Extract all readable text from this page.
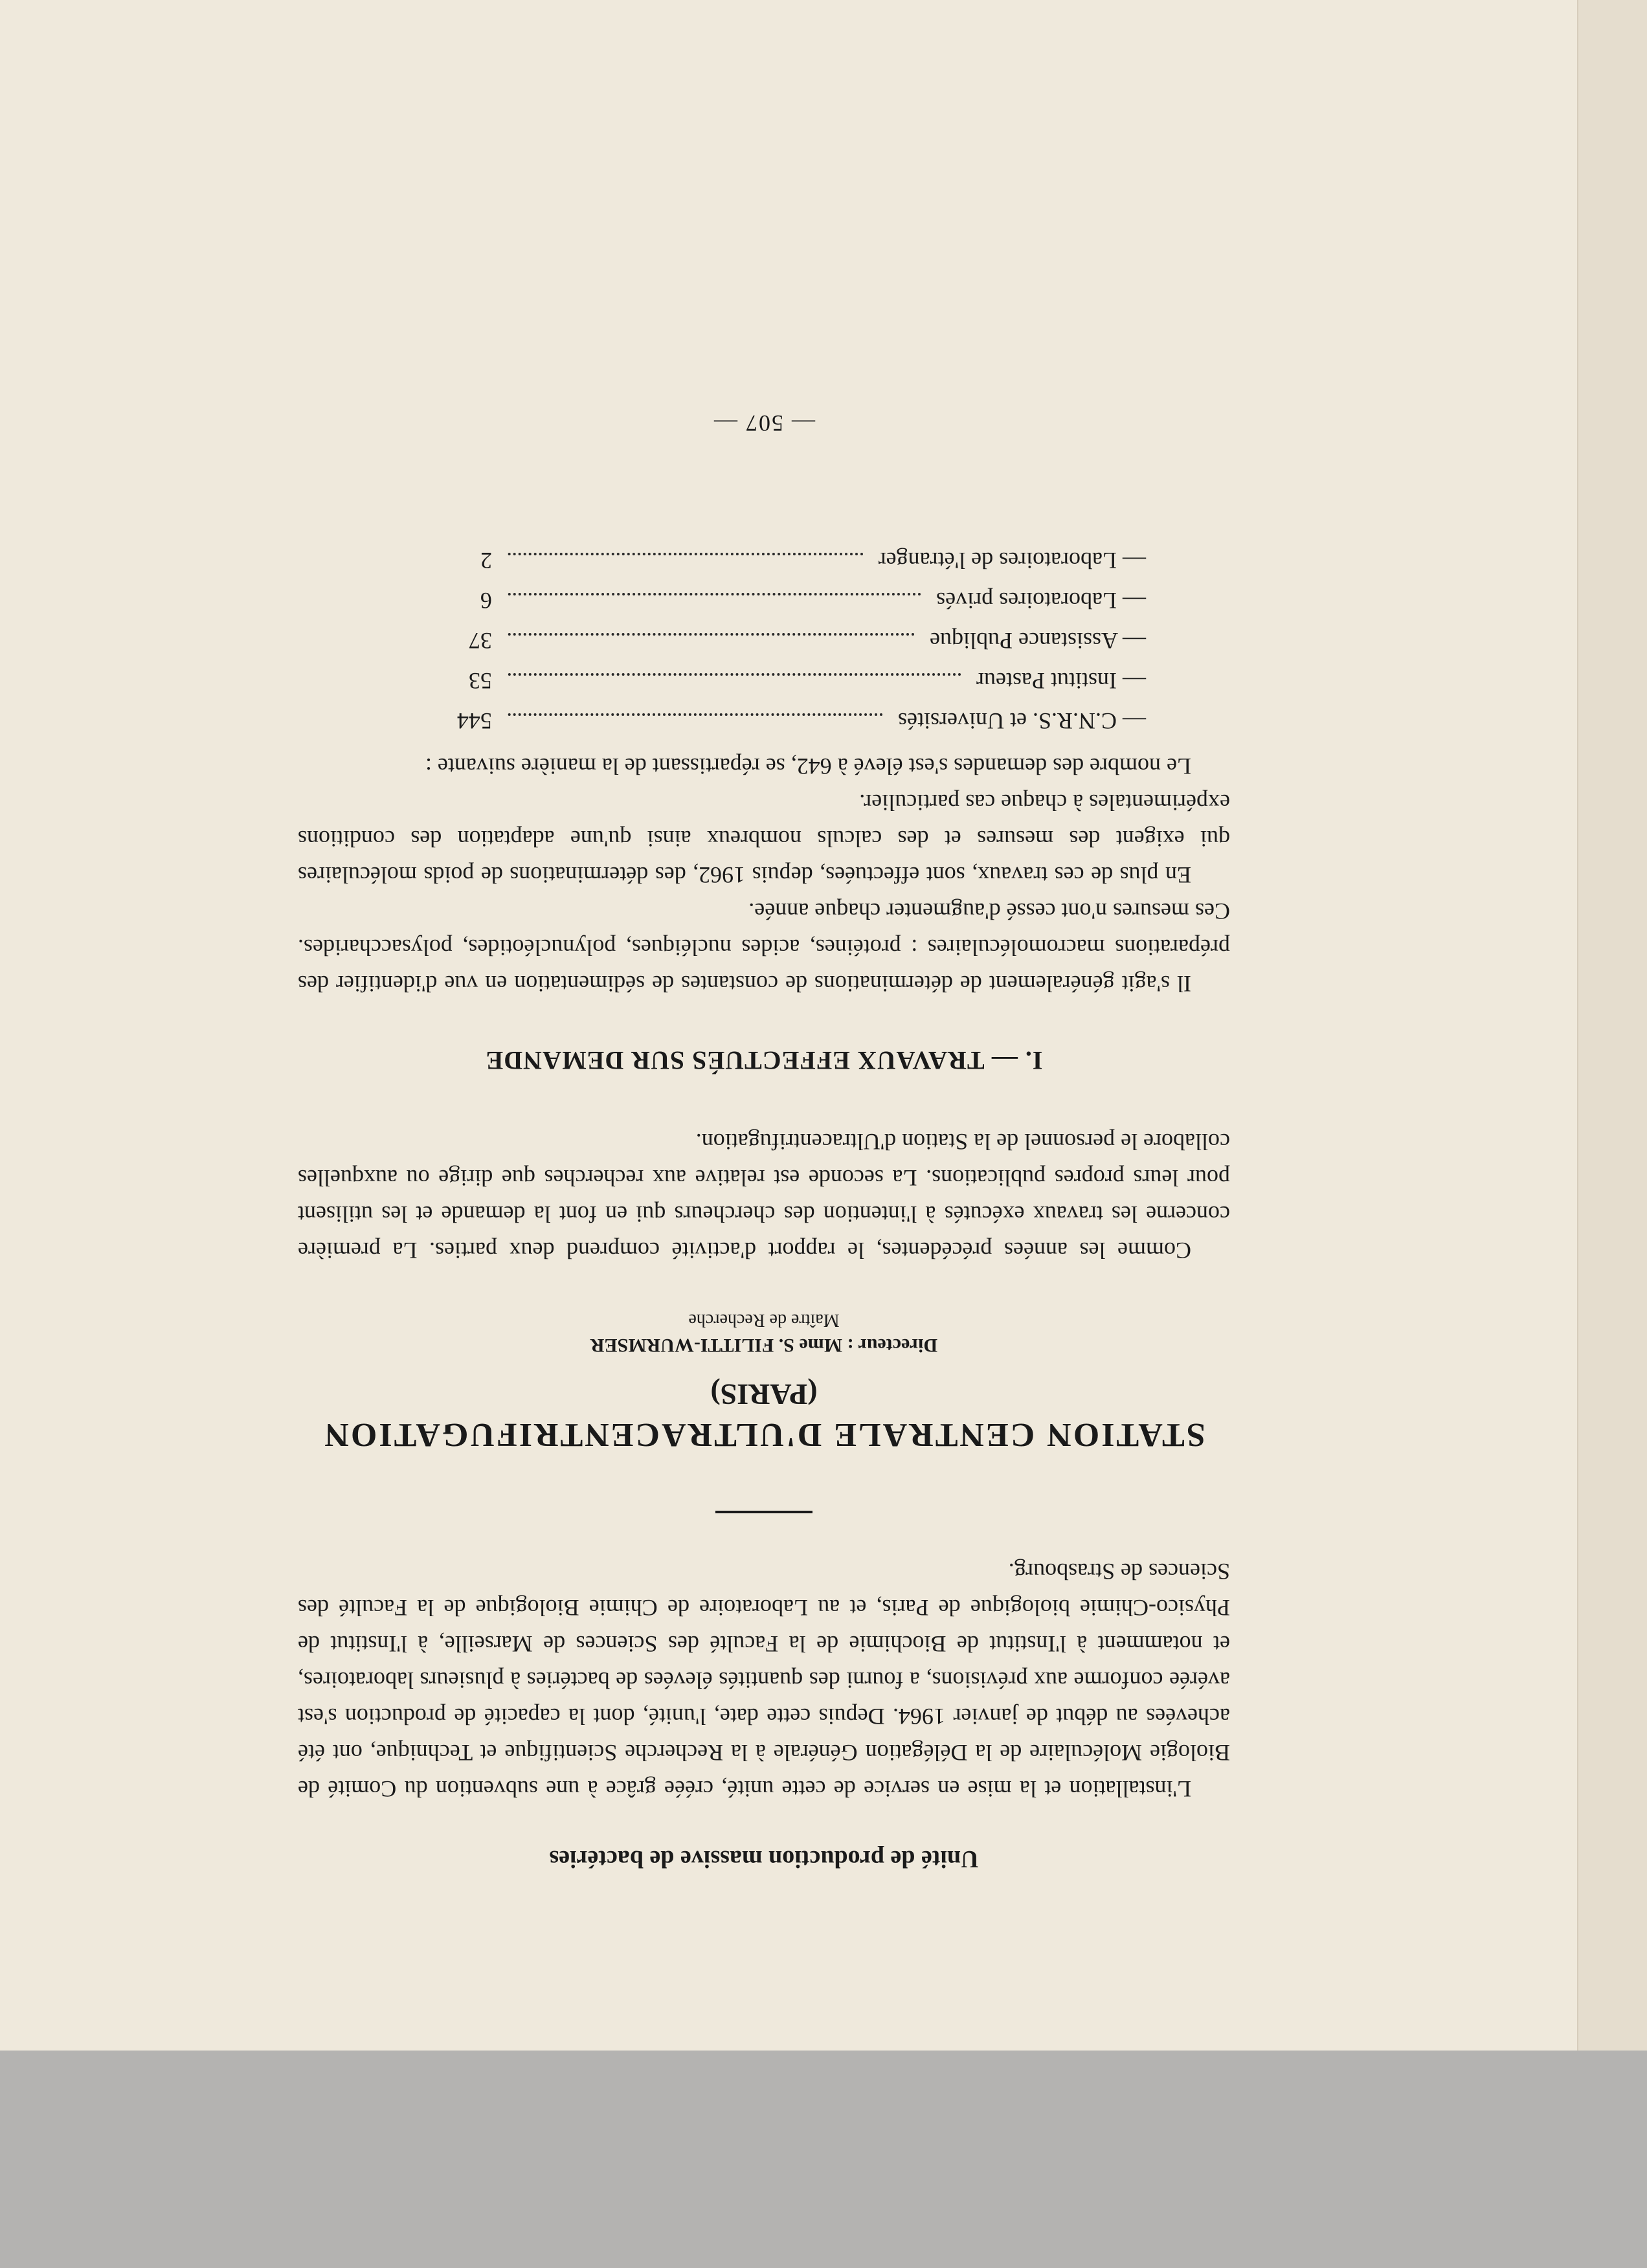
Unité de production massive de bactéries

L'installation et la mise en service de cette unité, créée grâce à une subvention du Comité de Biologie Moléculaire de la Délégation Générale à la Recherche Scientifique et Technique, ont été achevées au début de janvier 1964. Depuis cette date, l'unité, dont la capacité de production s'est avérée conforme aux prévisions, a fourni des quantités élevées de bactéries à plusieurs laboratoires, et notamment à l'Institut de Biochimie de la Faculté des Sciences de Marseille, à l'Institut de Physico-Chimie biologique de Paris, et au Laboratoire de Chimie Biologique de la Faculté des Sciences de Strasbourg.

STATION CENTRALE D'ULTRACENTRIFUGATION
(PARIS)
Directeur : Mme S. FILITTI-WURMSER
Maître de Recherche

Comme les années précédentes, le rapport d'activité comprend deux parties. La première concerne les travaux exécutés à l'intention des chercheurs qui en font la demande et les utilisent pour leurs propres publications. La seconde est relative aux recherches que dirige ou auxquelles collabore le personnel de la Station d'Ultracentrifugation.

I. — TRAVAUX EFFECTUÉS SUR DEMANDE

Il s'agit généralement de déterminations de constantes de sédimentation en vue d'identifier des préparations macromoléculaires : protéines, acides nucléiques, polynucléotides, polysaccharides. Ces mesures n'ont cessé d'augmenter chaque année.

En plus de ces travaux, sont effectuées, depuis 1962, des déterminations de poids moléculaires qui exigent des mesures et des calculs nombreux ainsi qu'une adaptation des conditions expérimentales à chaque cas particulier.

Le nombre des demandes s'est élevé à 642, se répartissant de la manière suivante :

— C.N.R.S. et Universités
544
— Institut Pasteur
53
— Assistance Publique
37
— Laboratoires privés
6
— Laboratoires de l'étranger
2
— 507 —
